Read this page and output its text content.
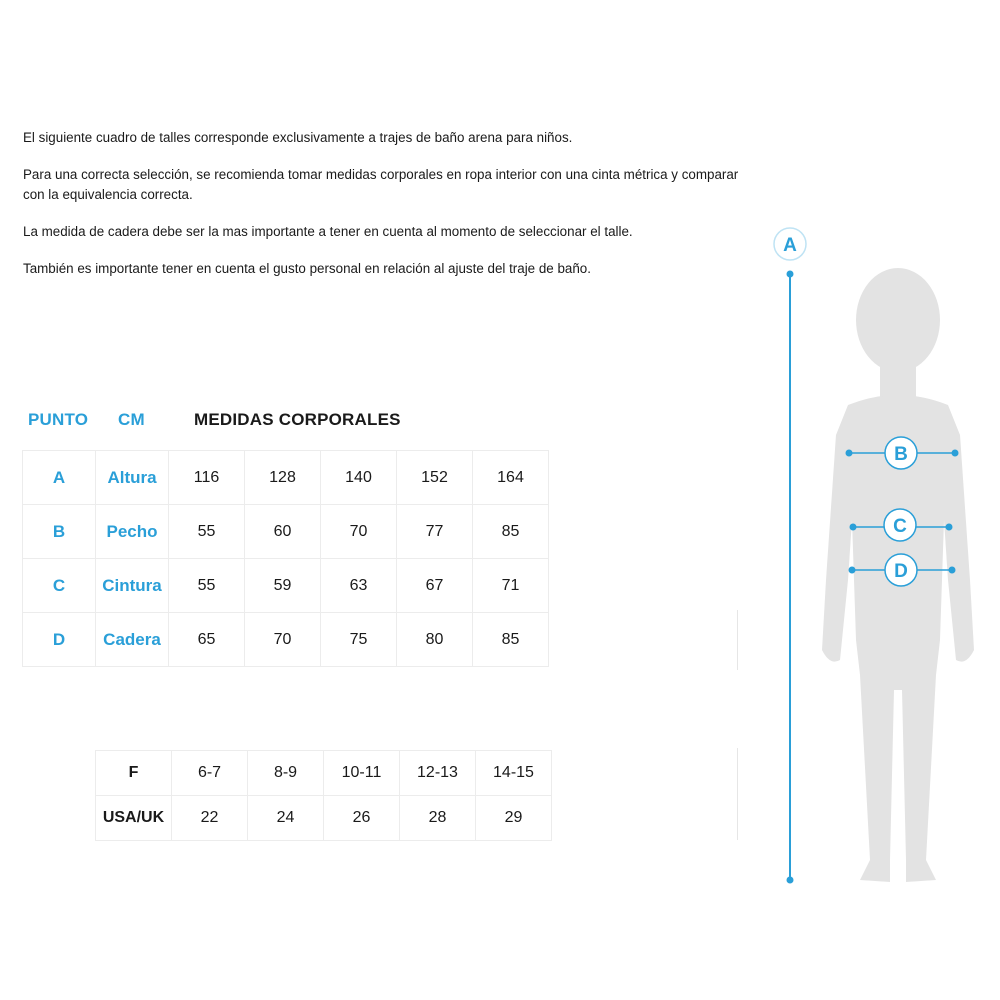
El siguiente cuadro de talles corresponde exclusivamente a trajes de baño arena para niños.

Para una correcta selección, se recomienda tomar medidas corporales en ropa interior con una cinta métrica y comparar con la equivalencia correcta.

La medida de cadera debe ser la mas importante a tener en cuenta al momento de seleccionar el talle.

También es importante tener en cuenta el gusto personal en relación al ajuste del traje de baño.

PUNTO CM	MEDIDAS CORPORALES
A	Altura	116	128	140	152	164
B	Pecho	55	60	70	77	85
C	Cintura	55	59	63	67	71
D	Cadera	65	70	75	80	85
F	6-7	8-9	10-11	12-13	14-15
USA/UK	22	24	26	28	29
A
B
C
D
